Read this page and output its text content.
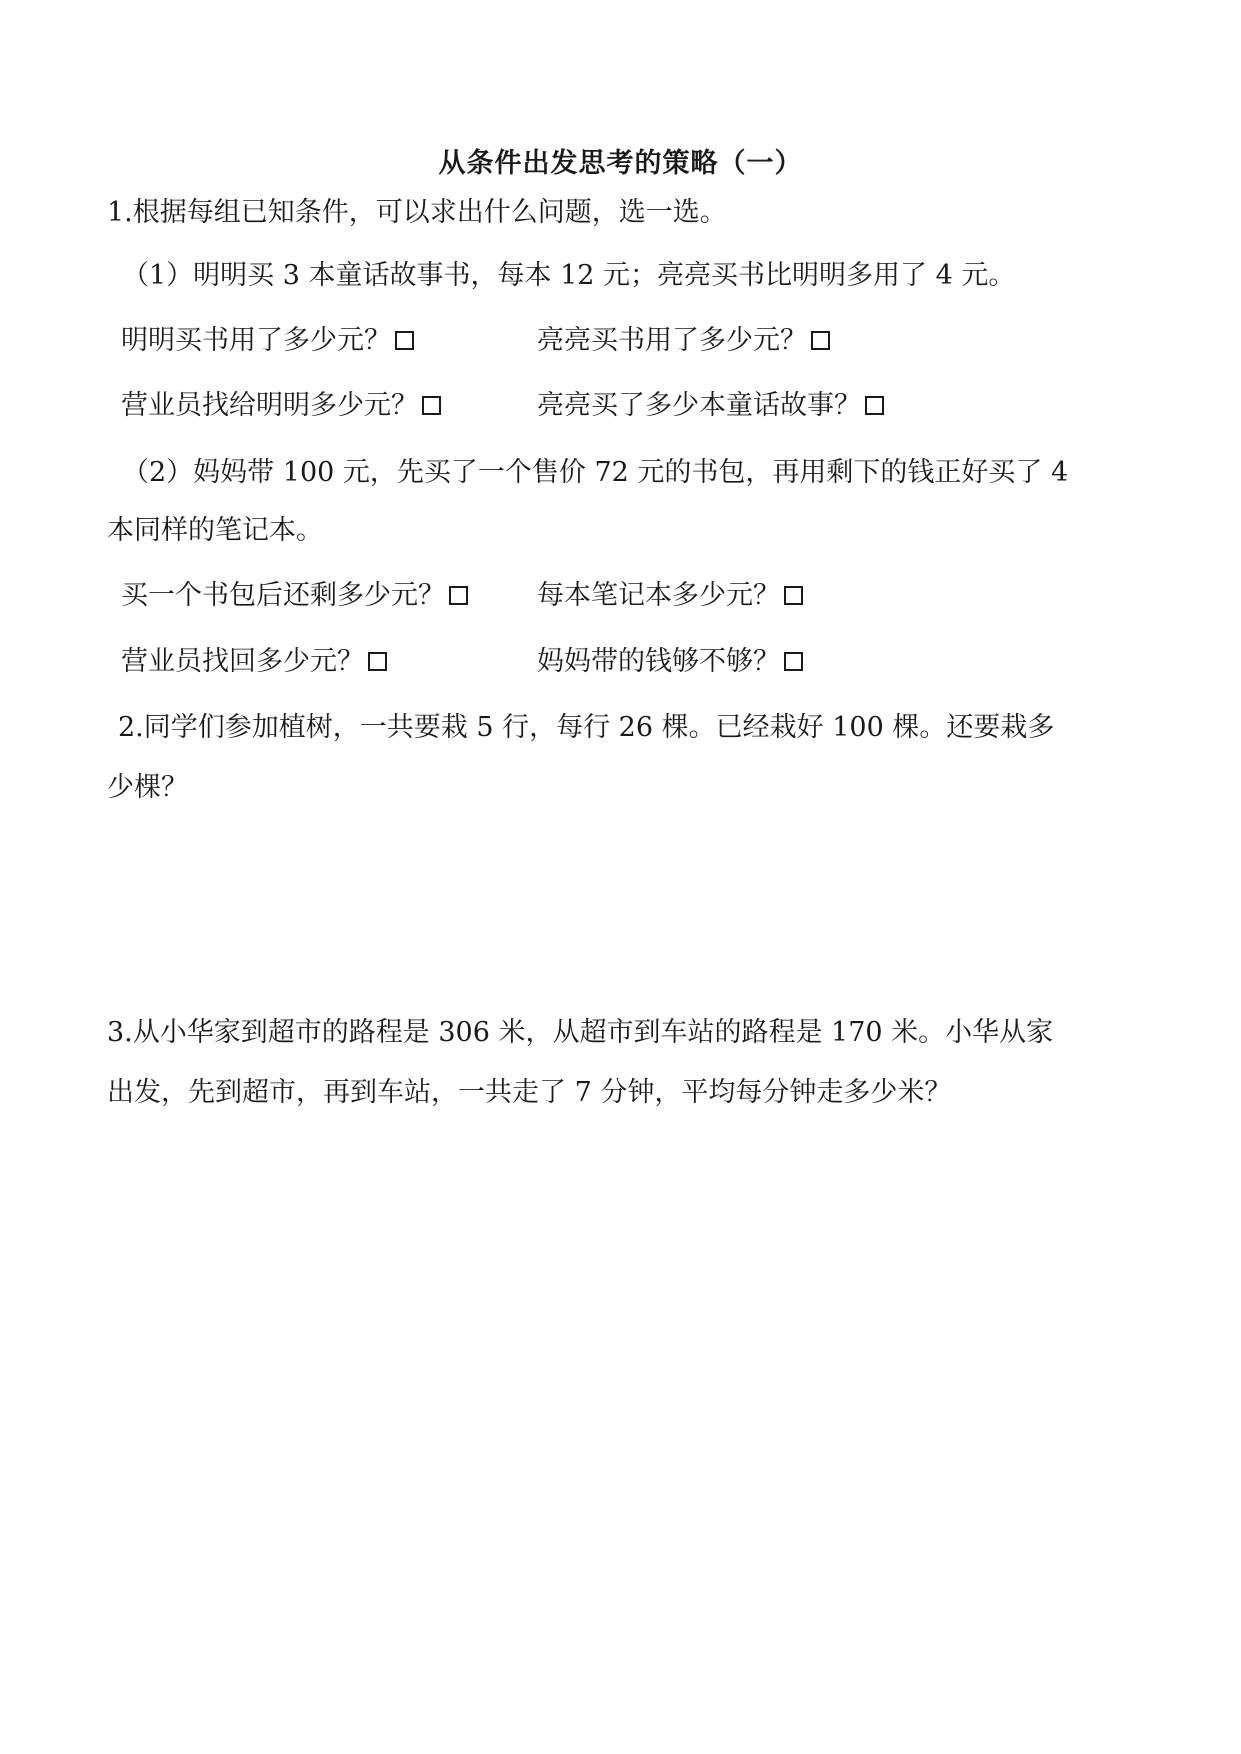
从条件出发思考的策略（一）
1.根据每组已知条件，可以求出什么问题，选一选。
（1）明明买 3 本童话故事书，每本 12 元；亮亮买书比明明多用了 4 元。
明明买书用了多少元？	亮亮买书用了多少元？
营业员找给明明多少元？	亮亮买了多少本童话故事？
（2）妈妈带 100 元，先买了一个售价 72 元的书包，再用剩下的钱正好买了 4
本同样的笔记本。
买一个书包后还剩多少元？	每本笔记本多少元？
营业员找回多少元？	妈妈带的钱够不够？
2.同学们参加植树，一共要栽 5 行，每行 26 棵。已经栽好 100 棵。还要栽多
少棵？
3.从小华家到超市的路程是 306 米，从超市到车站的路程是 170 米。小华从家
出发，先到超市，再到车站，一共走了 7 分钟，平均每分钟走多少米？
